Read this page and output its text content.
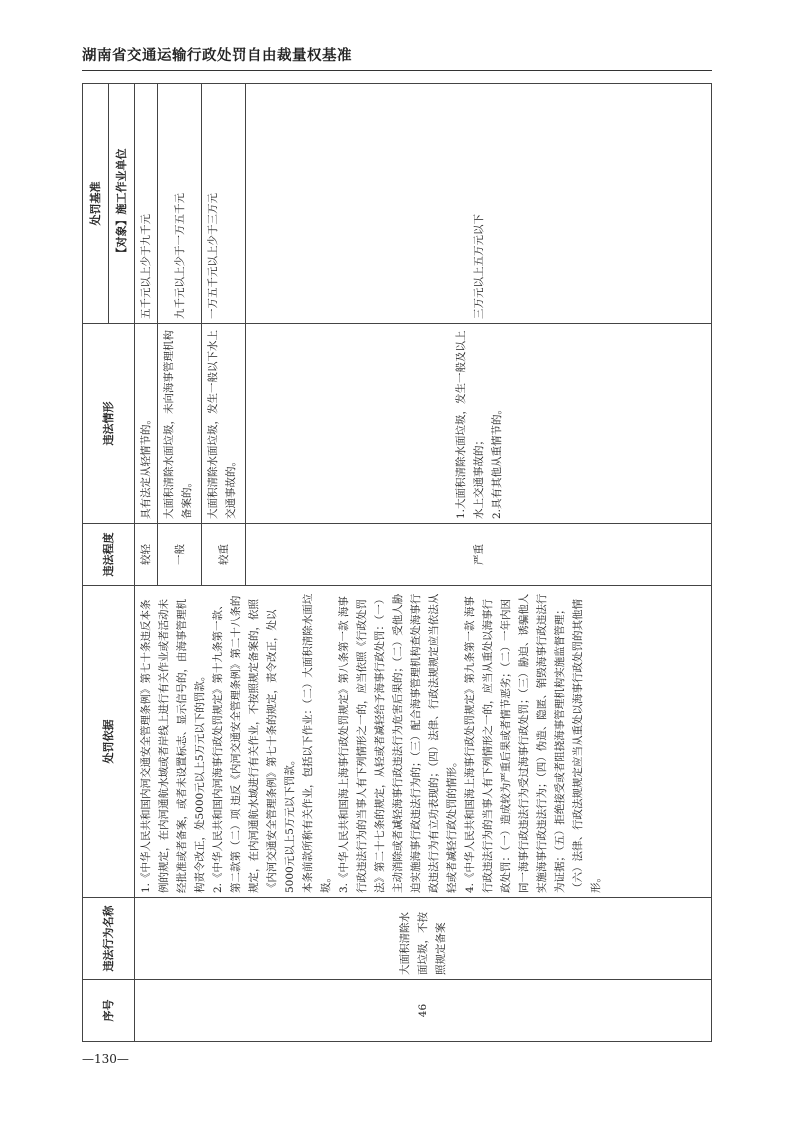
湖南省交通运输行政处罚自由裁量权基准
序号	违法行为名称	处罚依据	违法程度	违法情形	处罚基准
					【对象】施工作业单位
46	大面积清除水面垃圾，不按照规定备案	1.《中华人民共和国内河交通安全管理条例》第七十条违反本条例的规定，在内河通航水域或者岸线上进行有关作业或者活动未经批准或者备案，或者未设置标志、显示信号的，由海事管理机构责令改正，处5000元以上5万元以下的罚款。 2.《中华人民共和国内河海事行政处罚规定》第十九条第一款、第二款第（二）项 违反《内河交通安全管理条例》第二十八条的规定，在内河通航水域进行有关作业，不按照规定备案的，依照《内河交通安全管理条例》第七十条的规定，责令改正，处以5000元以上5万元以下罚款。 本条前款所称有关作业，包括以下作业：（二）大面积清除水面垃圾。 3.《中华人民共和国海上海事行政处罚规定》第八条第一款 海事行政违法行为的当事人有下列情形之一的，应当依照《行政处罚法》第二十七条的规定，从轻或者减轻给予海事行政处罚：（一）主动消除或者减轻海事行政违法行为危害后果的；（二）受他人胁迫实施海事行政违法行为的；（三）配合海事管理机构查处海事行政违法行为有立功表现的；（四）法律、行政法规规定应当依法从轻或者减轻行政处罚的情形。 4.《中华人民共和国海上海事行政处罚规定》第九条第一款 海事行政违法行为的当事人有下列情形之一的，应当从重处以海事行政处罚：（一）造成较为严重后果或者情节恶劣；（二）一年内因同一海事行政违法行为受过海事行政处罚；（三）胁迫、诱骗他人实施海事行政违法行为；（四）伪造、隐匿、销毁海事行政违法行为证据；（五）拒绝接受或者阻挠海事管理机构实施监督管理；（六）法律、行政法规规定应当从重处以海事行政处罚的其他情形。	较轻	具有法定从轻情节的。	五千元以上少于九千元
			一般	大面积清除水面垃圾，未向海事管理机构备案的。	九千元以上少于一万五千元
			较重	大面积清除水面垃圾，发生一般以下水上交通事故的。	一万五千元以上少于三万元
			严重	1.大面积清除水面垃圾，发生一般及以上水上交通事故的； 2.具有其他从重情节的。	三万元以上五万元以下
—130—
